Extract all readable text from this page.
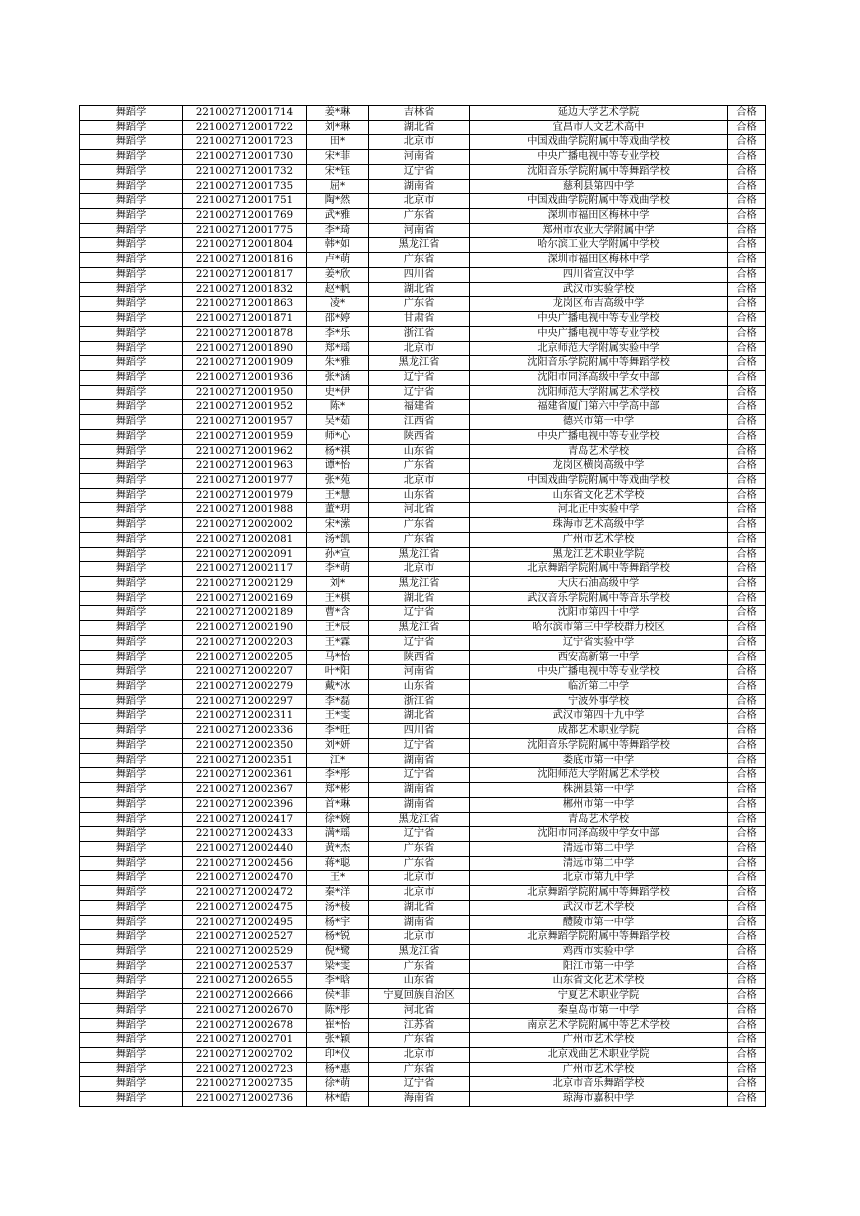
舞蹈学	221002712001714	姜*琳	吉林省	延边大学艺术学院	合格
舞蹈学	221002712001722	刘*琳	湖北省	宜昌市人文艺术高中	合格
舞蹈学	221002712001723	田*	北京市	中国戏曲学院附属中等戏曲学校	合格
舞蹈学	221002712001730	宋*菲	河南省	中央广播电视中等专业学校	合格
舞蹈学	221002712001732	宋*钰	辽宁省	沈阳音乐学院附属中等舞蹈学校	合格
舞蹈学	221002712001735	屈*	湖南省	慈利县第四中学	合格
舞蹈学	221002712001751	陶*然	北京市	中国戏曲学院附属中等戏曲学校	合格
舞蹈学	221002712001769	武*雅	广东省	深圳市福田区梅林中学	合格
舞蹈学	221002712001775	李*琦	河南省	郑州市农业大学附属中学	合格
舞蹈学	221002712001804	韩*如	黑龙江省	哈尔滨工业大学附属中学校	合格
舞蹈学	221002712001816	卢*萌	广东省	深圳市福田区梅林中学	合格
舞蹈学	221002712001817	姜*欣	四川省	四川省宣汉中学	合格
舞蹈学	221002712001832	赵*帆	湖北省	武汉市实验学校	合格
舞蹈学	221002712001863	凌*	广东省	龙岗区布吉高级中学	合格
舞蹈学	221002712001871	邵*婷	甘肃省	中央广播电视中等专业学校	合格
舞蹈学	221002712001878	李*乐	浙江省	中央广播电视中等专业学校	合格
舞蹈学	221002712001890	郑*瑶	北京市	北京师范大学附属实验中学	合格
舞蹈学	221002712001909	朱*雅	黑龙江省	沈阳音乐学院附属中等舞蹈学校	合格
舞蹈学	221002712001936	张*涵	辽宁省	沈阳市同泽高级中学女中部	合格
舞蹈学	221002712001950	史*伊	辽宁省	沈阳师范大学附属艺术学校	合格
舞蹈学	221002712001952	陈*	福建省	福建省厦门第六中学高中部	合格
舞蹈学	221002712001957	吴*茹	江西省	德兴市第一中学	合格
舞蹈学	221002712001959	师*心	陕西省	中央广播电视中等专业学校	合格
舞蹈学	221002712001962	杨*祺	山东省	青岛艺术学校	合格
舞蹈学	221002712001963	谭*怡	广东省	龙岗区横岗高级中学	合格
舞蹈学	221002712001977	张*苑	北京市	中国戏曲学院附属中等戏曲学校	合格
舞蹈学	221002712001979	王*慧	山东省	山东省文化艺术学校	合格
舞蹈学	221002712001988	董*玥	河北省	河北正中实验中学	合格
舞蹈学	221002712002002	宋*潆	广东省	珠海市艺术高级中学	合格
舞蹈学	221002712002081	汤*凯	广东省	广州市艺术学校	合格
舞蹈学	221002712002091	孙*宣	黑龙江省	黑龙江艺术职业学院	合格
舞蹈学	221002712002117	李*萌	北京市	北京舞蹈学院附属中等舞蹈学校	合格
舞蹈学	221002712002129	刘*	黑龙江省	大庆石油高级中学	合格
舞蹈学	221002712002169	王*棋	湖北省	武汉音乐学院附属中等音乐学校	合格
舞蹈学	221002712002189	曹*含	辽宁省	沈阳市第四十中学	合格
舞蹈学	221002712002190	王*辰	黑龙江省	哈尔滨市第三中学校群力校区	合格
舞蹈学	221002712002203	王*霖	辽宁省	辽宁省实验中学	合格
舞蹈学	221002712002205	马*怡	陕西省	西安高新第一中学	合格
舞蹈学	221002712002207	叶*阳	河南省	中央广播电视中等专业学校	合格
舞蹈学	221002712002279	戴*冰	山东省	临沂第二中学	合格
舞蹈学	221002712002297	李*磊	浙江省	宁波外事学校	合格
舞蹈学	221002712002311	王*雯	湖北省	武汉市第四十九中学	合格
舞蹈学	221002712002336	李*旺	四川省	成都艺术职业学院	合格
舞蹈学	221002712002350	刘*妍	辽宁省	沈阳音乐学院附属中等舞蹈学校	合格
舞蹈学	221002712002351	江*	湖南省	娄底市第一中学	合格
舞蹈学	221002712002361	李*彤	辽宁省	沈阳师范大学附属艺术学校	合格
舞蹈学	221002712002367	郑*彬	湖南省	株洲县第一中学	合格
舞蹈学	221002712002396	首*琳	湖南省	郴州市第一中学	合格
舞蹈学	221002712002417	徐*婉	黑龙江省	青岛艺术学校	合格
舞蹈学	221002712002433	满*瑶	辽宁省	沈阳市同泽高级中学女中部	合格
舞蹈学	221002712002440	黄*杰	广东省	清远市第二中学	合格
舞蹈学	221002712002456	蒋*聪	广东省	清远市第二中学	合格
舞蹈学	221002712002470	王*	北京市	北京市第九中学	合格
舞蹈学	221002712002472	秦*洋	北京市	北京舞蹈学院附属中等舞蹈学校	合格
舞蹈学	221002712002475	汤*棱	湖北省	武汉市艺术学校	合格
舞蹈学	221002712002495	杨*宇	湖南省	醴陵市第一中学	合格
舞蹈学	221002712002527	杨*锐	北京市	北京舞蹈学院附属中等舞蹈学校	合格
舞蹈学	221002712002529	倪*鹭	黑龙江省	鸡西市实验中学	合格
舞蹈学	221002712002537	梁*雯	广东省	阳江市第一中学	合格
舞蹈学	221002712002655	李*晗	山东省	山东省文化艺术学校	合格
舞蹈学	221002712002666	侯*菲	宁夏回族自治区	宁夏艺术职业学院	合格
舞蹈学	221002712002670	陈*彤	河北省	秦皇岛市第一中学	合格
舞蹈学	221002712002678	崔*怡	江苏省	南京艺术学院附属中等艺术学校	合格
舞蹈学	221002712002701	张*颖	广东省	广州市艺术学校	合格
舞蹈学	221002712002702	印*仪	北京市	北京戏曲艺术职业学院	合格
舞蹈学	221002712002723	杨*惠	广东省	广州市艺术学校	合格
舞蹈学	221002712002735	徐*萌	辽宁省	北京市音乐舞蹈学校	合格
舞蹈学	221002712002736	林*皓	海南省	琼海市嘉积中学	合格
